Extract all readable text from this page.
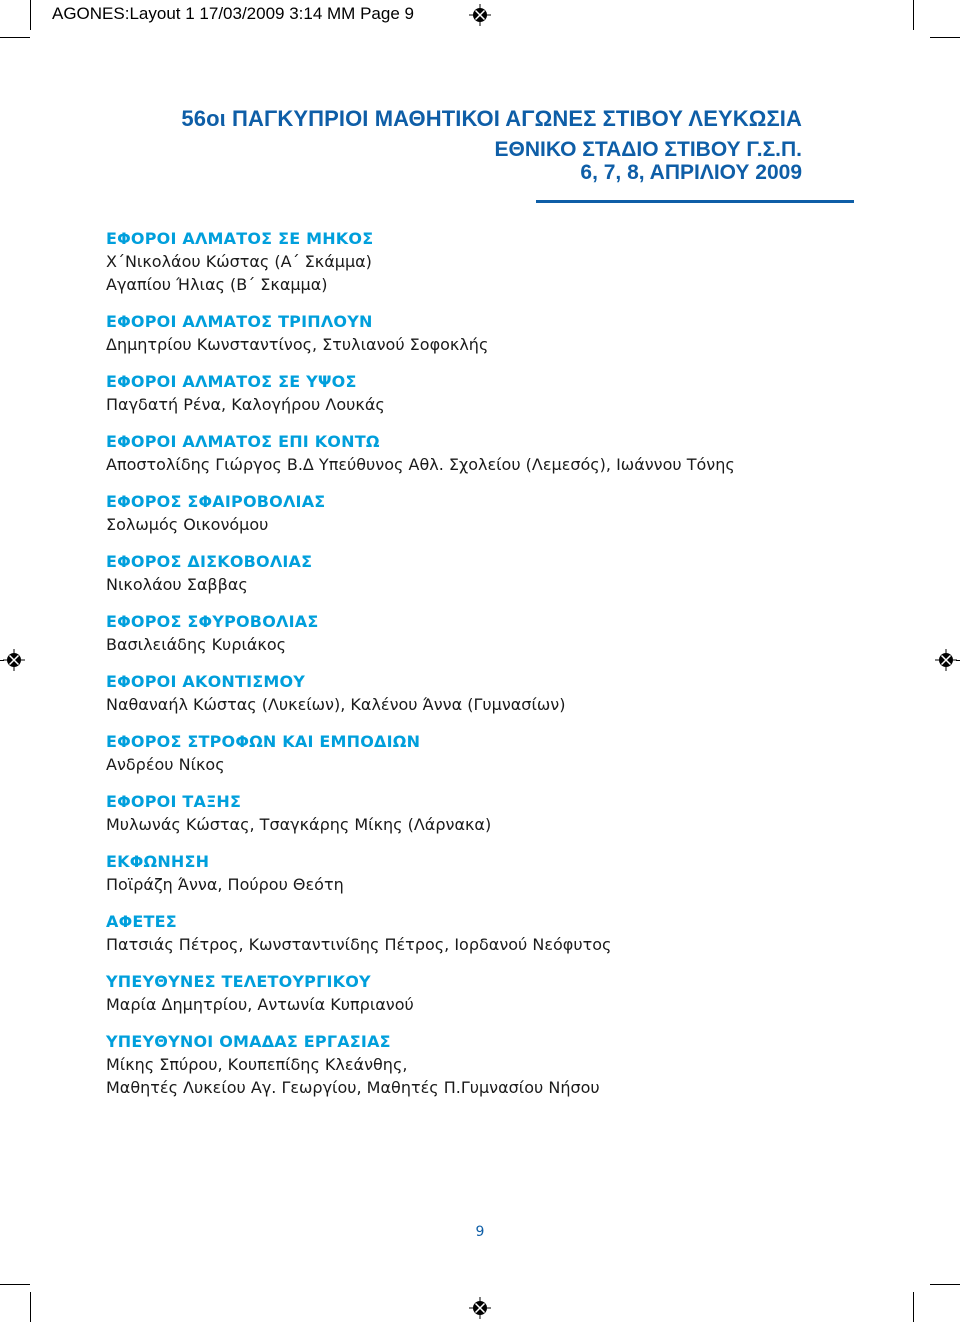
AGONES:Layout 1 17/03/2009 3:14 MM Page 9
56οι ΠΑΓΚΥΠΡΙΟΙ ΜΑΘΗΤΙΚΟΙ ΑΓΩΝΕΣ ΣΤΙΒΟΥ ΛΕΥΚΩΣΙΑ
ΕΘΝΙΚΟ ΣΤΑΔΙΟ ΣΤΙΒΟΥ Γ.Σ.Π.
6, 7, 8, ΑΠΡΙΛΙΟΥ 2009
ΕΦΟΡΟΙ ΑΛΜΑΤΟΣ ΣΕ ΜΗΚΟΣ
Χ΄Νικολάου Κώστας (Α΄ Σκάμμα)
Αγαπίου Ήλιας (Β΄ Σκαμμα)
ΕΦΟΡΟΙ ΑΛΜΑΤΟΣ ΤΡΙΠΛΟΥΝ
Δημητρίου Κωνσταντίνος, Στυλιανού Σοφοκλής
ΕΦΟΡΟΙ ΑΛΜΑΤΟΣ ΣΕ ΥΨΟΣ
Παγδατή Ρένα, Καλογήρου Λουκάς
ΕΦΟΡΟΙ ΑΛΜΑΤΟΣ ΕΠΙ ΚΟΝΤΩ
Αποστολίδης Γιώργος Β.Δ Υπεύθυνος Αθλ. Σχολείου (Λεμεσός), Ιωάννου Τόνης
ΕΦΟΡΟΣ ΣΦΑΙΡΟΒΟΛΙΑΣ
Σολωμός Οικονόμου
ΕΦΟΡΟΣ ΔΙΣΚΟΒΟΛΙΑΣ
Νικολάου Σαββας
ΕΦΟΡΟΣ ΣΦΥΡΟΒΟΛΙΑΣ
Βασιλειάδης Κυριάκος
ΕΦΟΡΟΙ ΑΚΟΝΤΙΣΜΟΥ
Ναθαναήλ Κώστας (Λυκείων), Καλένου Άννα (Γυμνασίων)
ΕΦΟΡΟΣ ΣΤΡΟΦΩΝ ΚΑΙ ΕΜΠΟΔΙΩΝ
Ανδρέου Νίκος
ΕΦΟΡΟΙ ΤΑΞΗΣ
Μυλωνάς Κώστας, Τσαγκάρης Μίκης (Λάρνακα)
ΕΚΦΩΝΗΣΗ
Ποϊράζη Άννα, Πούρου Θεότη
ΑΦΕΤΕΣ
Πατσιάς Πέτρος, Κωνσταντινίδης Πέτρος, Ιορδανού Νεόφυτος
ΥΠΕΥΘΥΝΕΣ ΤΕΛΕΤΟΥΡΓΙΚΟΥ
Μαρία Δημητρίου, Αντωνία Κυπριανού
ΥΠΕΥΘΥΝΟΙ ΟΜΑΔΑΣ ΕΡΓΑΣΙΑΣ
Μίκης Σπύρου, Κουπεπίδης Κλεάνθης,
Μαθητές Λυκείου Αγ. Γεωργίου, Μαθητές Π.Γυμνασίου Νήσου
9
